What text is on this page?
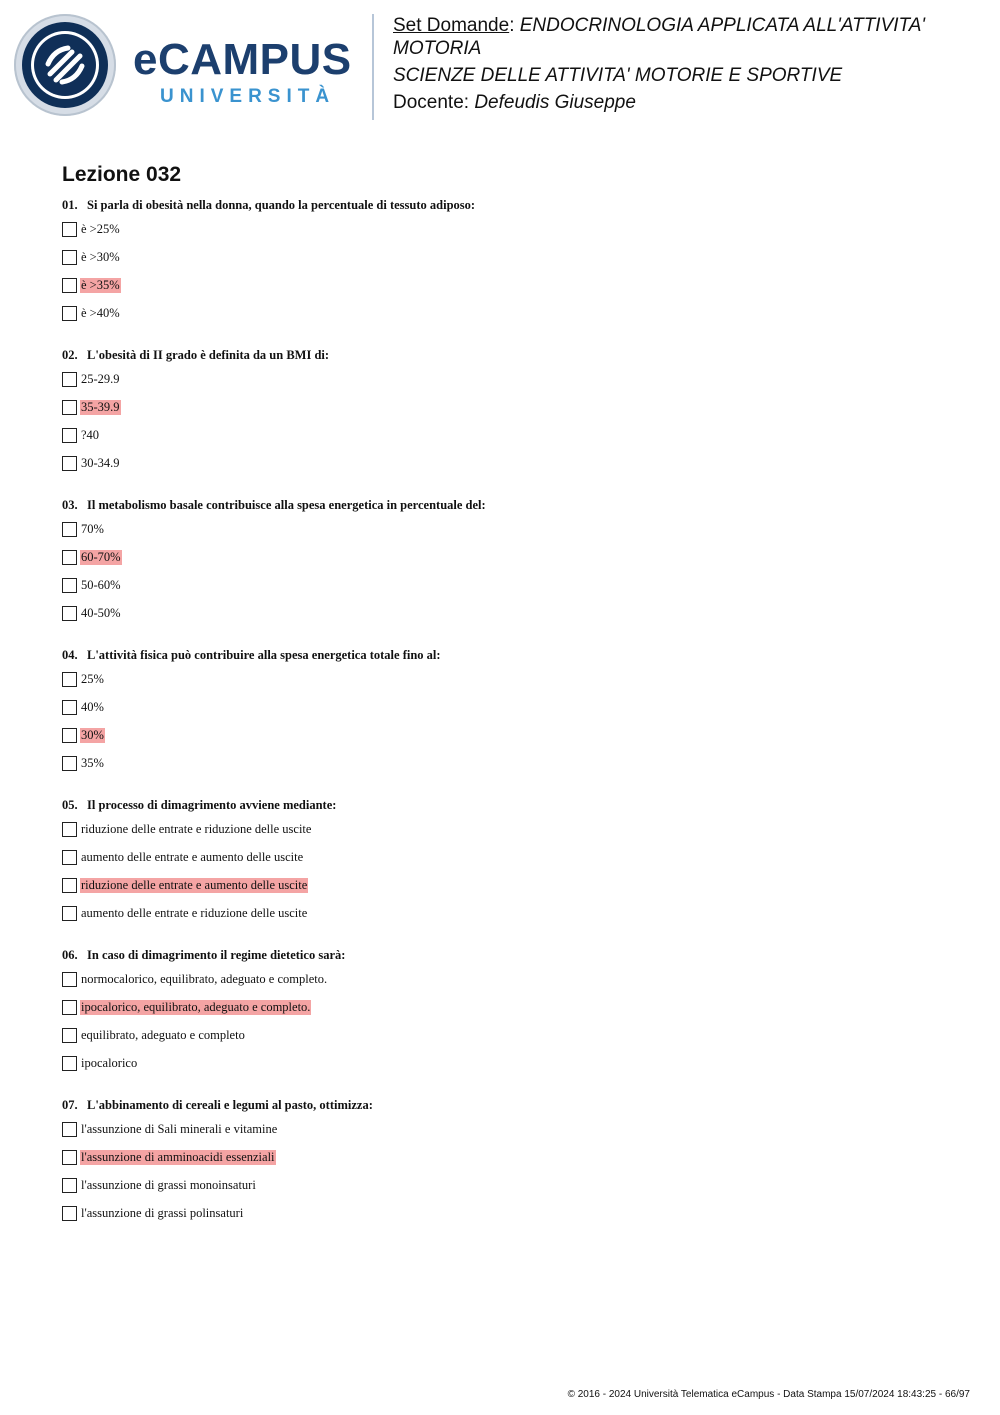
eCAMPUS
UNIVERSITÀ
Set Domande: ENDOCRINOLOGIA APPLICATA ALL'ATTIVITA' MOTORIA
SCIENZE DELLE ATTIVITA' MOTORIE E SPORTIVE
Docente: Defeudis Giuseppe
Lezione 032
01. Si parla di obesità nella donna, quando la percentuale di tessuto adiposo:
è >25%
è >30%
è >35%
è >40%
02. L'obesità di II grado è definita da un BMI di:
25-29.9
35-39.9
?40
30-34.9
03. Il metabolismo basale contribuisce alla spesa energetica in percentuale del:
70%
60-70%
50-60%
40-50%
04. L'attività fisica può contribuire alla spesa energetica totale fino al:
25%
40%
30%
35%
05. Il processo di dimagrimento avviene mediante:
riduzione delle entrate e riduzione delle uscite
aumento delle entrate e aumento delle uscite
riduzione delle entrate e aumento delle uscite
aumento delle entrate e riduzione delle uscite
06. In caso di dimagrimento il regime dietetico sarà:
normocalorico, equilibrato, adeguato e completo.
ipocalorico, equilibrato, adeguato e completo.
equilibrato, adeguato e completo
ipocalorico
07. L'abbinamento di cereali e legumi al pasto, ottimizza:
l'assunzione di Sali minerali e vitamine
l'assunzione di amminoacidi essenziali
l'assunzione di grassi monoinsaturi
l'assunzione di grassi polinsaturi
© 2016 - 2024 Università Telematica eCampus - Data Stampa 15/07/2024 18:43:25 - 66/97
